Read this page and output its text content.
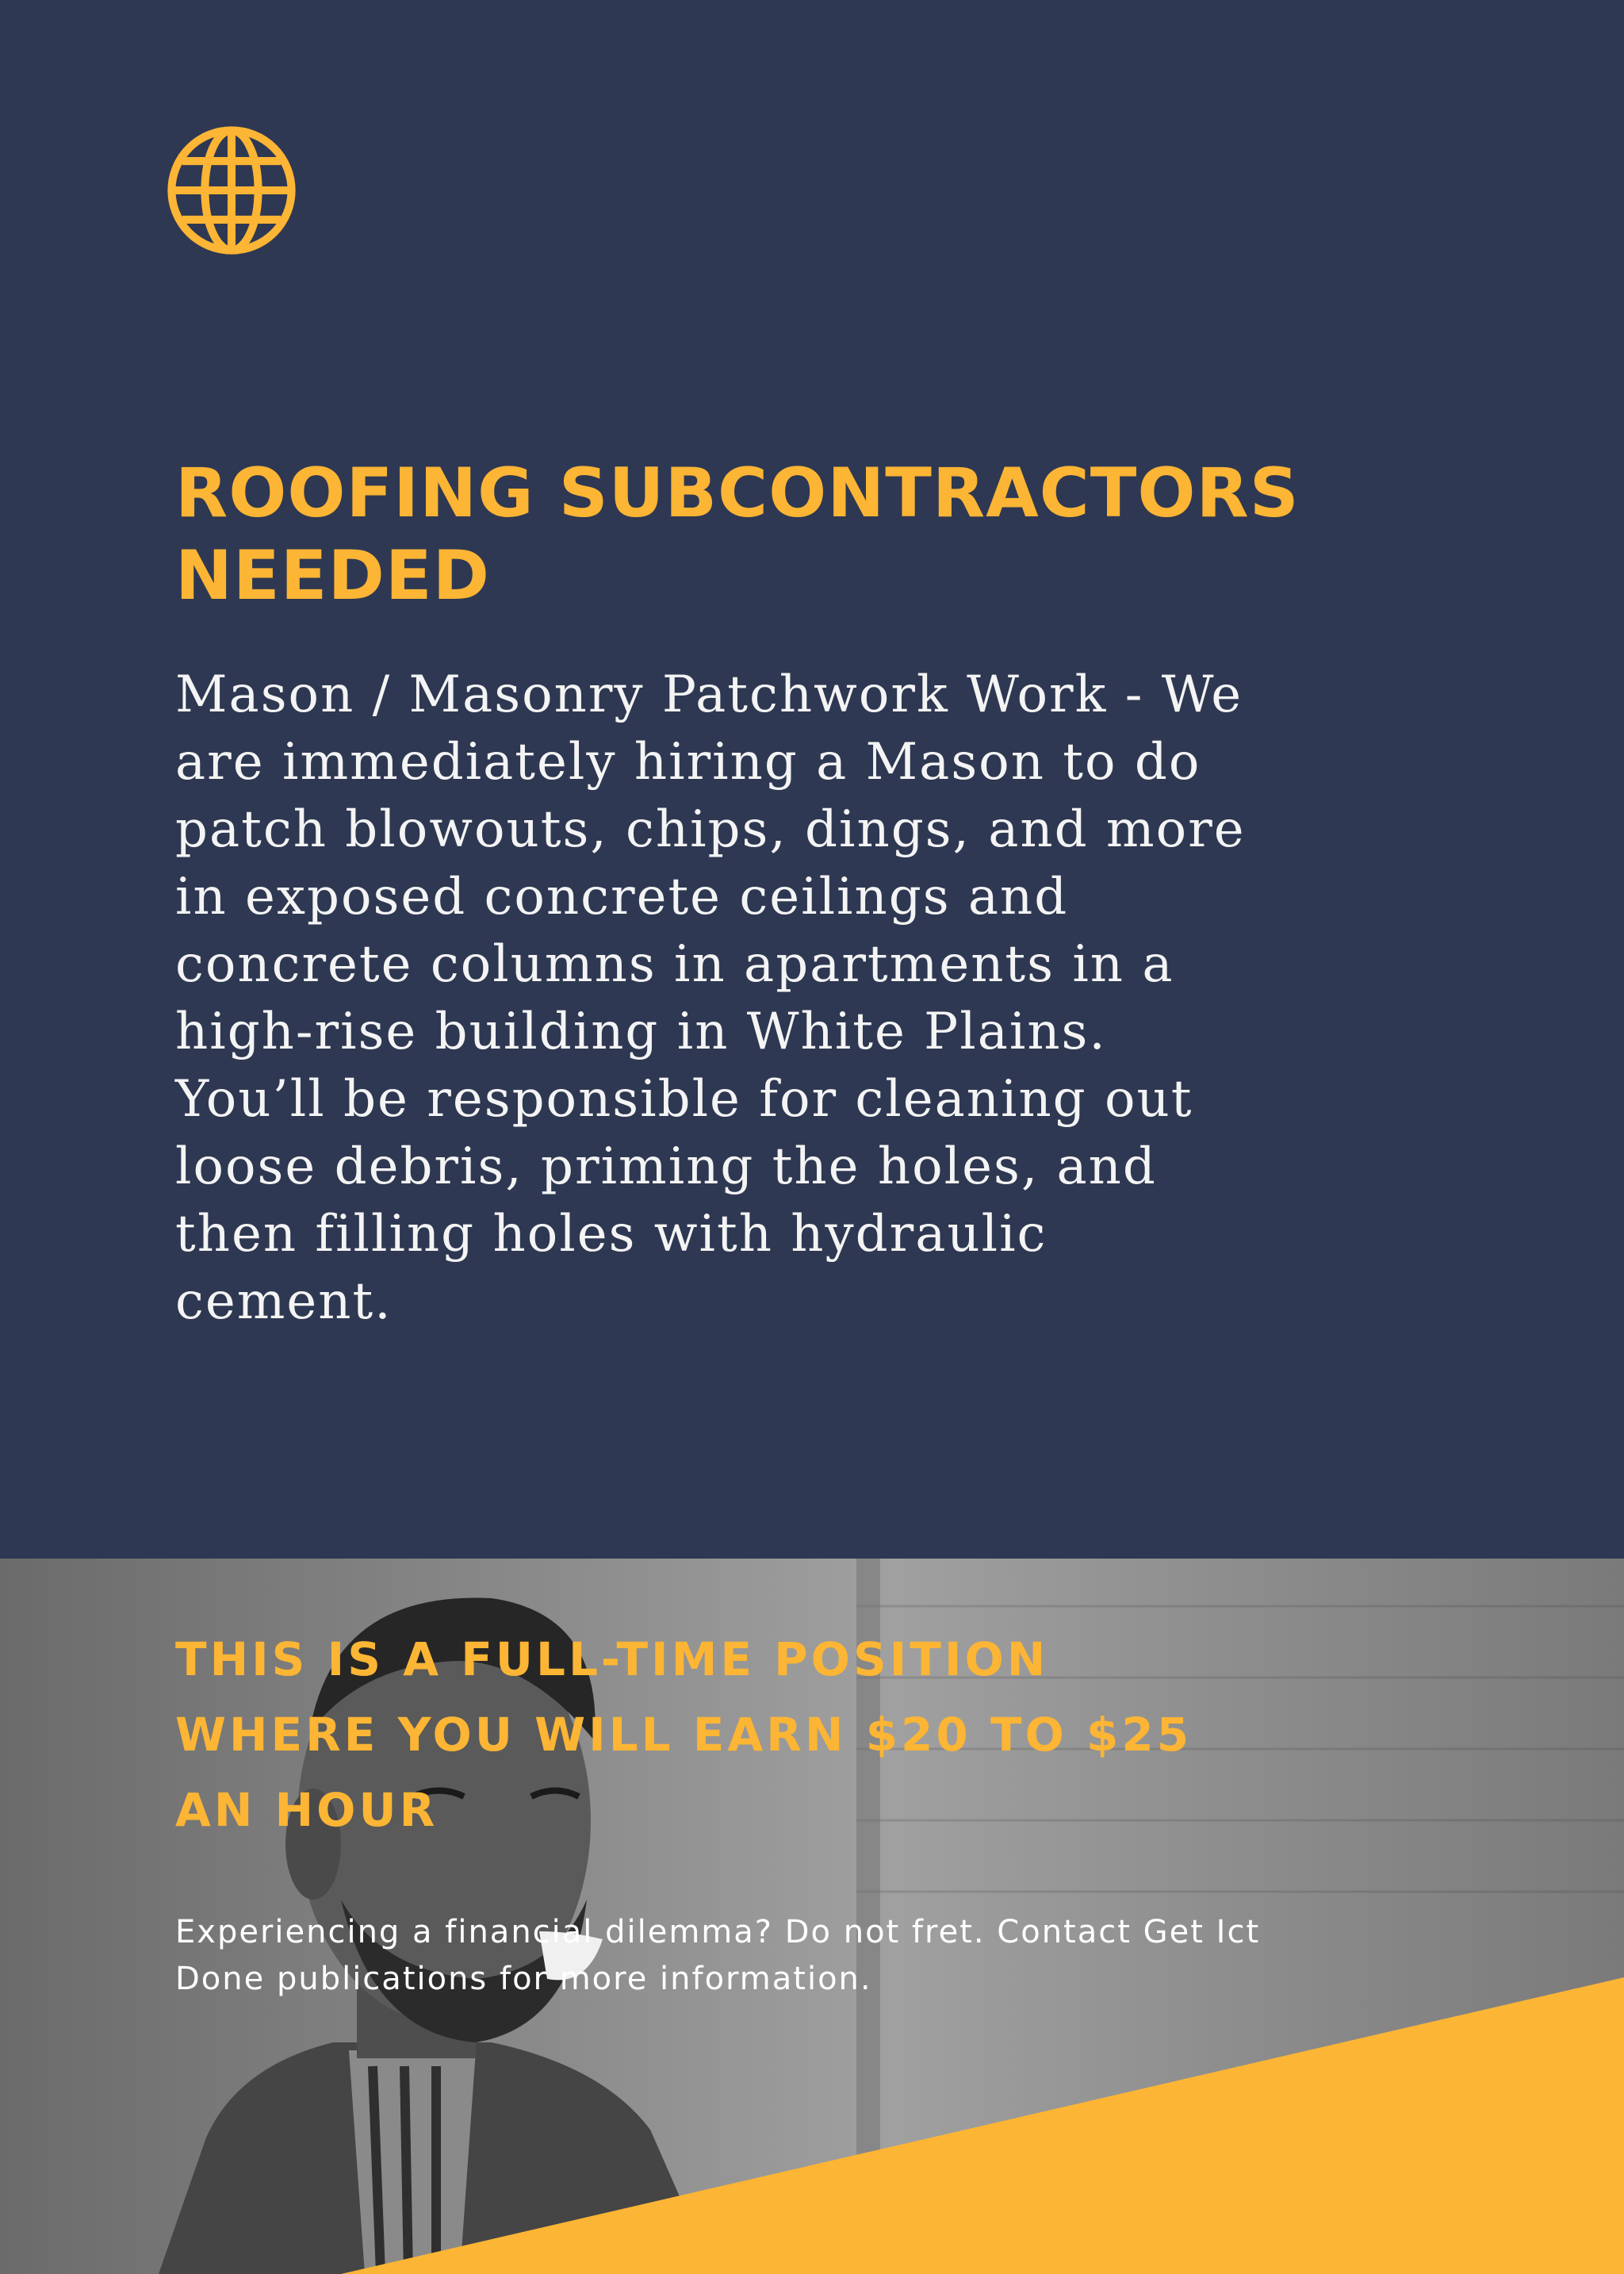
ROOFING SUBCONTRACTORS NEEDED

Mason / Masonry Patchwork Work - We are immediately hiring a Mason to do patch blowouts, chips, dings, and more in exposed concrete ceilings and concrete columns in apartments in a high-rise building in White Plains. You’ll be responsible for cleaning out loose debris, priming the holes, and then filling holes with hydraulic cement.

THIS IS A FULL-TIME POSITION WHERE YOU WILL EARN $20 TO $25 AN HOUR

Experiencing a financial dilemma? Do not fret. Contact Get Ict Done publications for more information.
